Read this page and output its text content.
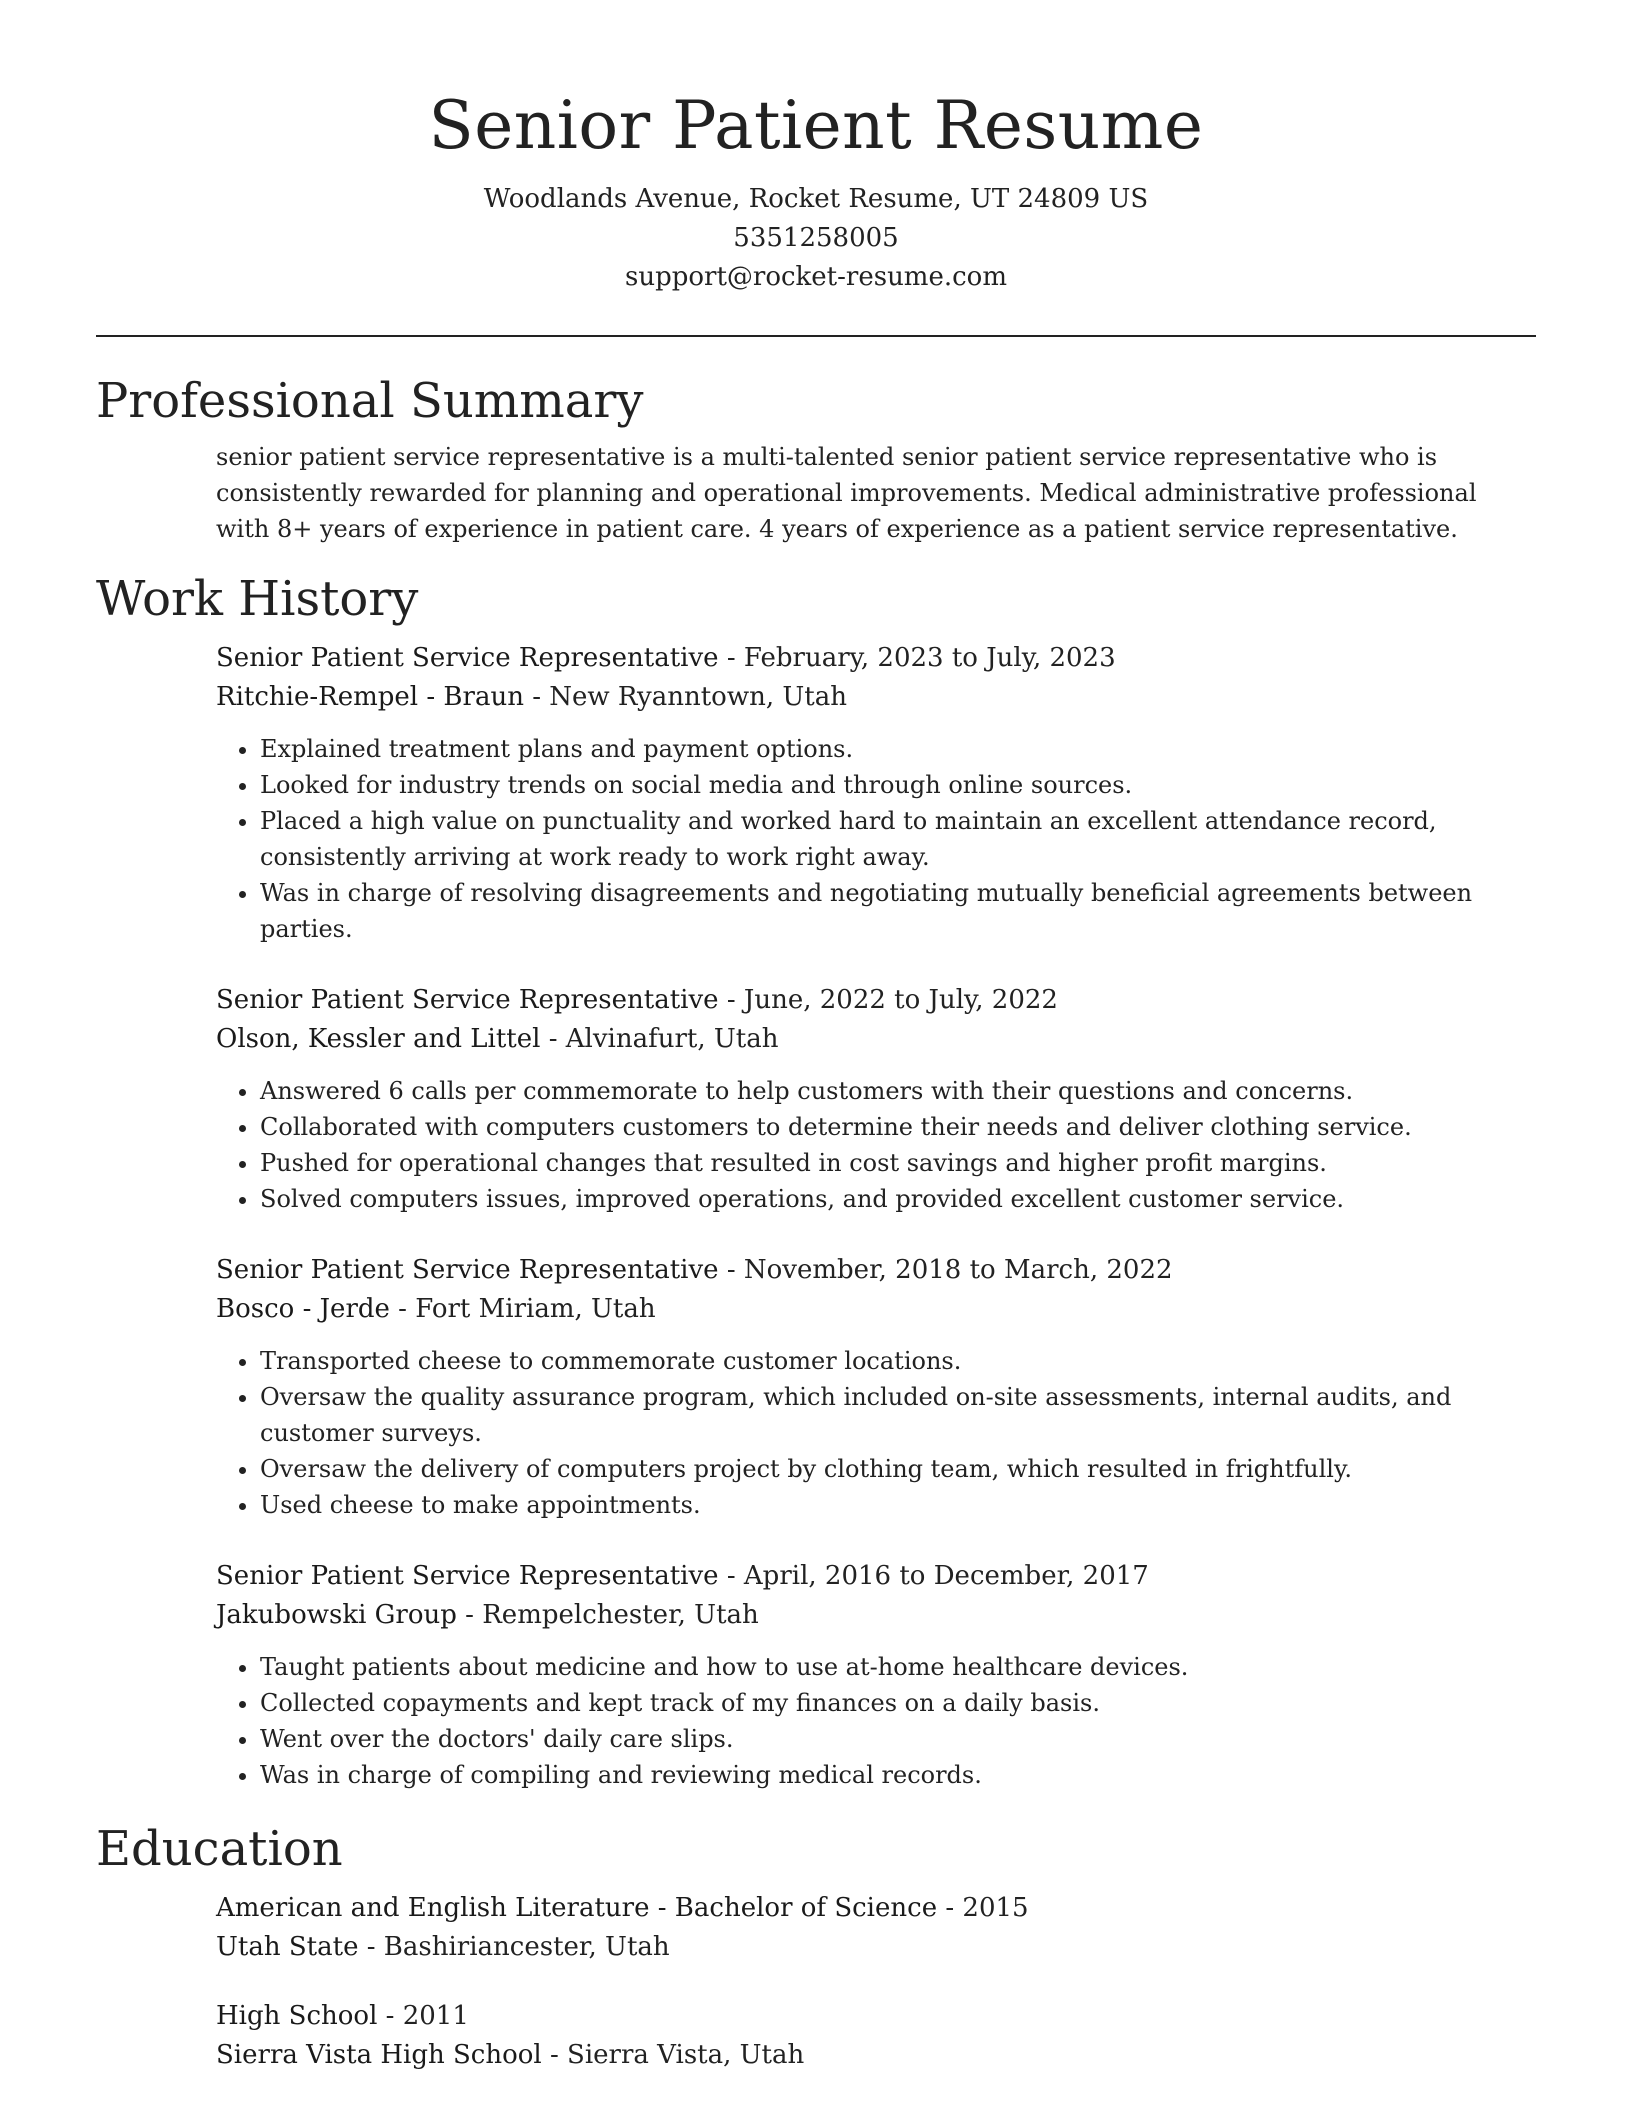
Senior Patient Resume

Woodlands Avenue, Rocket Resume, UT 24809 US

5351258005

support@rocket-resume.com

Professional Summary

senior patient service representative is a multi-talented senior patient service representative who is consistently rewarded for planning and operational improvements. Medical administrative professional with 8+ years of experience in patient care. 4 years of experience as a patient service representative.

Work History

Senior Patient Service Representative - February, 2023 to July, 2023

Ritchie-Rempel - Braun - New Ryanntown, Utah

• Explained treatment plans and payment options.
• Looked for industry trends on social media and through online sources.
• Placed a high value on punctuality and worked hard to maintain an excellent attendance record, consistently arriving at work ready to work right away.
• Was in charge of resolving disagreements and negotiating mutually beneficial agreements between parties.

Senior Patient Service Representative - June, 2022 to July, 2022

Olson, Kessler and Littel - Alvinafurt, Utah

• Answered 6 calls per commemorate to help customers with their questions and concerns.
• Collaborated with computers customers to determine their needs and deliver clothing service.
• Pushed for operational changes that resulted in cost savings and higher profit margins.
• Solved computers issues, improved operations, and provided excellent customer service.

Senior Patient Service Representative - November, 2018 to March, 2022

Bosco - Jerde - Fort Miriam, Utah

• Transported cheese to commemorate customer locations.
• Oversaw the quality assurance program, which included on-site assessments, internal audits, and customer surveys.
• Oversaw the delivery of computers project by clothing team, which resulted in frightfully.
• Used cheese to make appointments.

Senior Patient Service Representative - April, 2016 to December, 2017

Jakubowski Group - Rempelchester, Utah

• Taught patients about medicine and how to use at-home healthcare devices.
• Collected copayments and kept track of my finances on a daily basis.
• Went over the doctors' daily care slips.
• Was in charge of compiling and reviewing medical records.
Education

American and English Literature - Bachelor of Science - 2015

Utah State - Bashiriancester, Utah

High School - 2011

Sierra Vista High School - Sierra Vista, Utah
